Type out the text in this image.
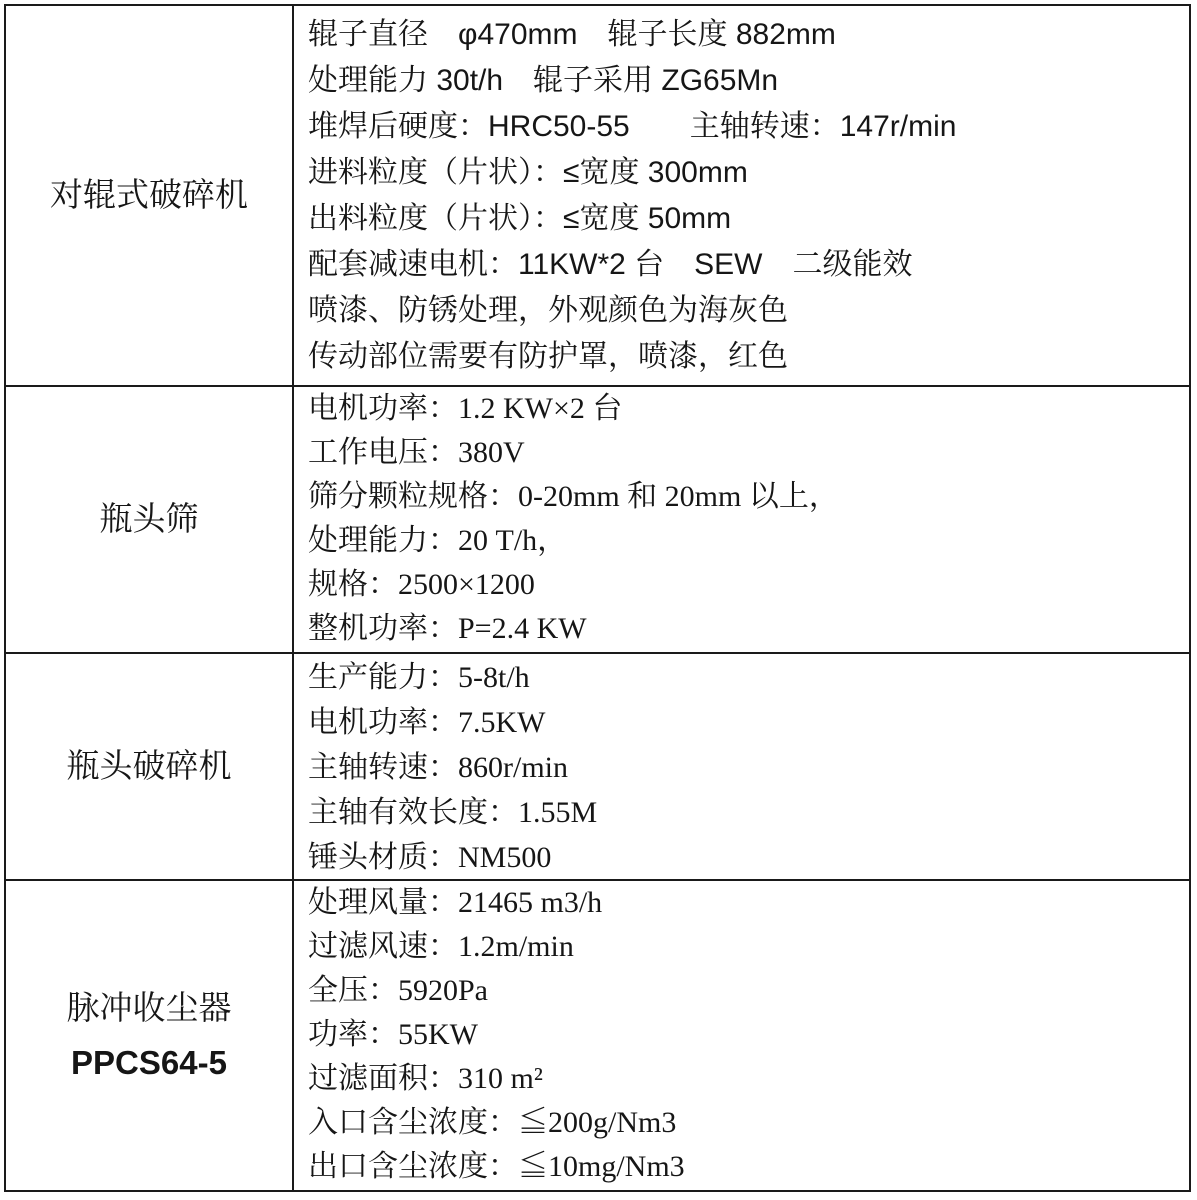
对辊式破碎机
辊子直径　φ470mm　辊子长度 882mm
处理能力 30t/h　辊子采用 ZG65Mn
堆焊后硬度：HRC50-55　　主轴转速：147r/min
进料粒度（片状）：≤宽度 300mm
出料粒度（片状）：≤宽度 50mm
配套减速电机：11KW*2 台　SEW　二级能效
喷漆、防锈处理，外观颜色为海灰色
传动部位需要有防护罩，喷漆，红色
瓶头筛
电机功率：1.2 KW×2 台
工作电压：380V
筛分颗粒规格：0-20mm 和 20mm 以上，
处理能力：20 T/h，
规格：2500×1200
整机功率：P=2.4 KW
瓶头破碎机
生产能力：5-8t/h
电机功率：7.5KW
主轴转速：860r/min
主轴有效长度：1.55M
锤头材质：NM500
脉冲收尘器
PPCS64-5
处理风量：21465 m3/h
过滤风速：1.2m/min
全压：5920Pa
功率：55KW
过滤面积：310 m²
入口含尘浓度：≦200g/Nm3
出口含尘浓度：≦10mg/Nm3
